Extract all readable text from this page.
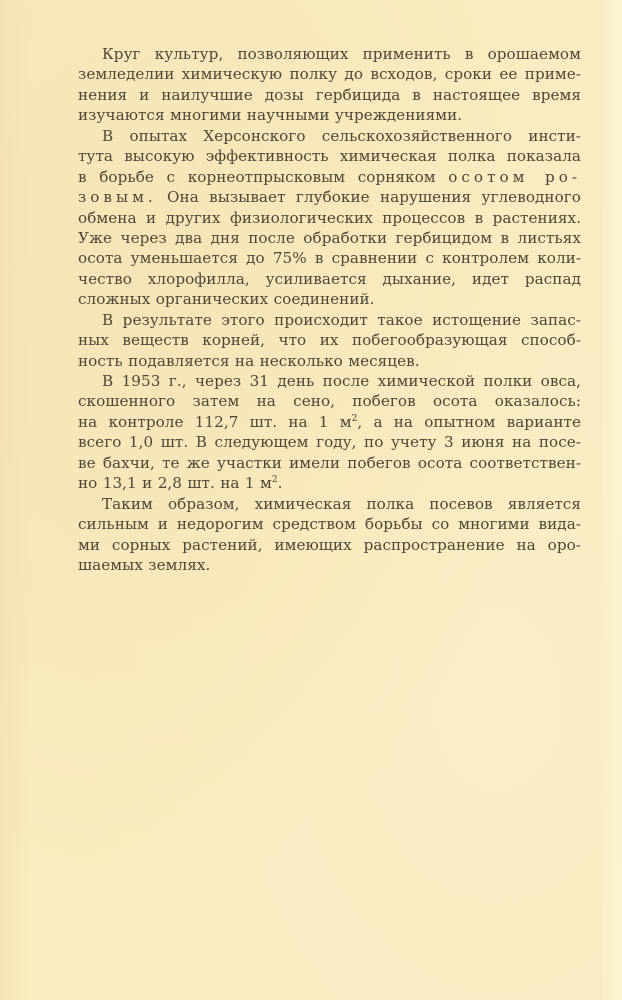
Круг культур, позволяющих применить в орошаемом
земледелии химическую полку до всходов, сроки ее приме-
нения и наилучшие дозы гербицида в настоящее время
изучаются многими научными учреждениями.

В опытах Херсонского сельскохозяйственного инсти-
тута высокую эффективность химическая полка показала
в борьбе с корнеотпрысковым сорняком осотом ро-
зовым. Она вызывает глубокие нарушения углеводного
обмена и других физиологических процессов в растениях.
Уже через два дня после обработки гербицидом в листьях
осота уменьшается до 75% в сравнении с контролем коли-
чество хлорофилла, усиливается дыхание, идет распад
сложных органических соединений.

В результате этого происходит такое истощение запас-
ных веществ корней, что их побегообразующая способ-
ность подавляется на несколько месяцев.

В 1953 г., через 31 день после химической полки овса,
скошенного затем на сено, побегов осота оказалось:
на контроле 112,7 шт. на 1 $м^2$, а на опытном варианте
всего 1,0 шт. В следующем году, по учету 3 июня на посе-
ве бахчи, те же участки имели побегов осота соответствен-
но 13,1 и 2,8 шт. на 1 $м^2$.

Таким образом, химическая полка посевов является
сильным и недорогим средством борьбы со многими вида-
ми сорных растений, имеющих распространение на оро-
шаемых землях.
